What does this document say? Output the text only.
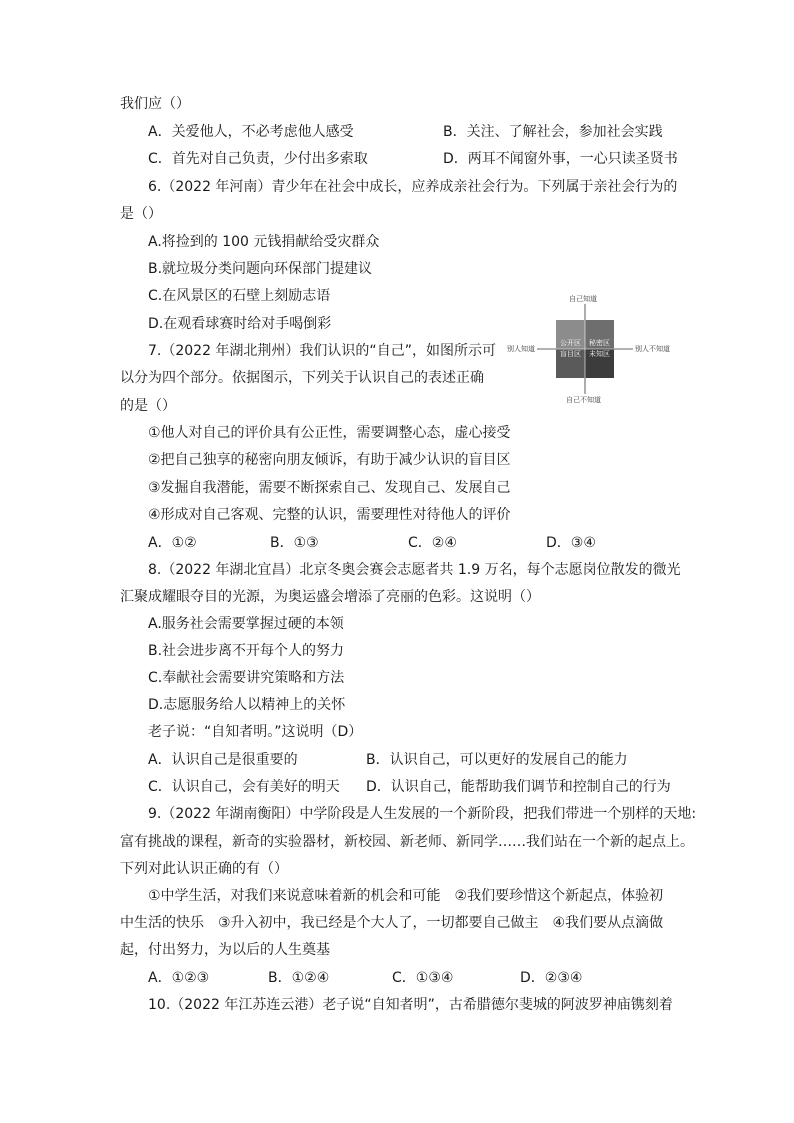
我们应（）
A．关爱他人，不必考虑他人感受	B．关注、了解社会，参加社会实践
C．首先对自己负责，少付出多索取	D．两耳不闻窗外事，一心只读圣贤书
6.（2022 年河南）青少年在社会中成长，应养成亲社会行为。下列属于亲社会行为的
是（）
A.将捡到的 100 元钱捐献给受灾群众
B.就垃圾分类问题向环保部门提建议
C.在风景区的石壁上刻励志语
D.在观看球赛时给对手喝倒彩
7.（2022 年湖北荆州）我们认识的“自己”，如图所示可
以分为四个部分。依据图示，下列关于认识自己的表述正确
的是（）
①他人对自己的评价具有公正性，需要调整心态，虚心接受
②把自己独享的秘密向朋友倾诉，有助于减少认识的盲目区
③发掘自我潜能，需要不断探索自己、发现自己、发展自己
④形成对自己客观、完整的认识，需要理性对待他人的评价
A．①②	B．①③	C．②④	D．③④
8.（2022 年湖北宜昌）北京冬奥会赛会志愿者共 1.9 万名，每个志愿岗位散发的微光
汇聚成耀眼夺目的光源，为奥运盛会增添了亮丽的色彩。这说明（）
A.服务社会需要掌握过硬的本领
B.社会进步离不开每个人的努力
C.奉献社会需要讲究策略和方法
D.志愿服务给人以精神上的关怀
老子说：“自知者明。”这说明（D）
A．认识自己是很重要的	B．认识自己，可以更好的发展自己的能力
C．认识自己，会有美好的明天 D．认识自己，能帮助我们调节和控制自己的行为
9.（2022 年湖南衡阳）中学阶段是人生发展的一个新阶段，把我们带进一个别样的天地:
富有挑战的课程，新奇的实验器材，新校园、新老师、新同学……我们站在一个新的起点上。
下列对此认识正确的有（）
①中学生活，对我们来说意味着新的机会和可能　②我们要珍惜这个新起点，体验初
中生活的快乐　③升入初中，我已经是个大人了，一切都要自己做主　④我们要从点滴做
起，付出努力，为以后的人生奠基
A．①②③	B．①②④	C．①③④	D．②③④
10.（2022 年江苏连云港）老子说“自知者明”，古希腊德尔斐城的阿波罗神庙镌刻着
公开区	秘密区
盲目区	未知区
自己知道
自己不知道
别人知道	别人不知道
